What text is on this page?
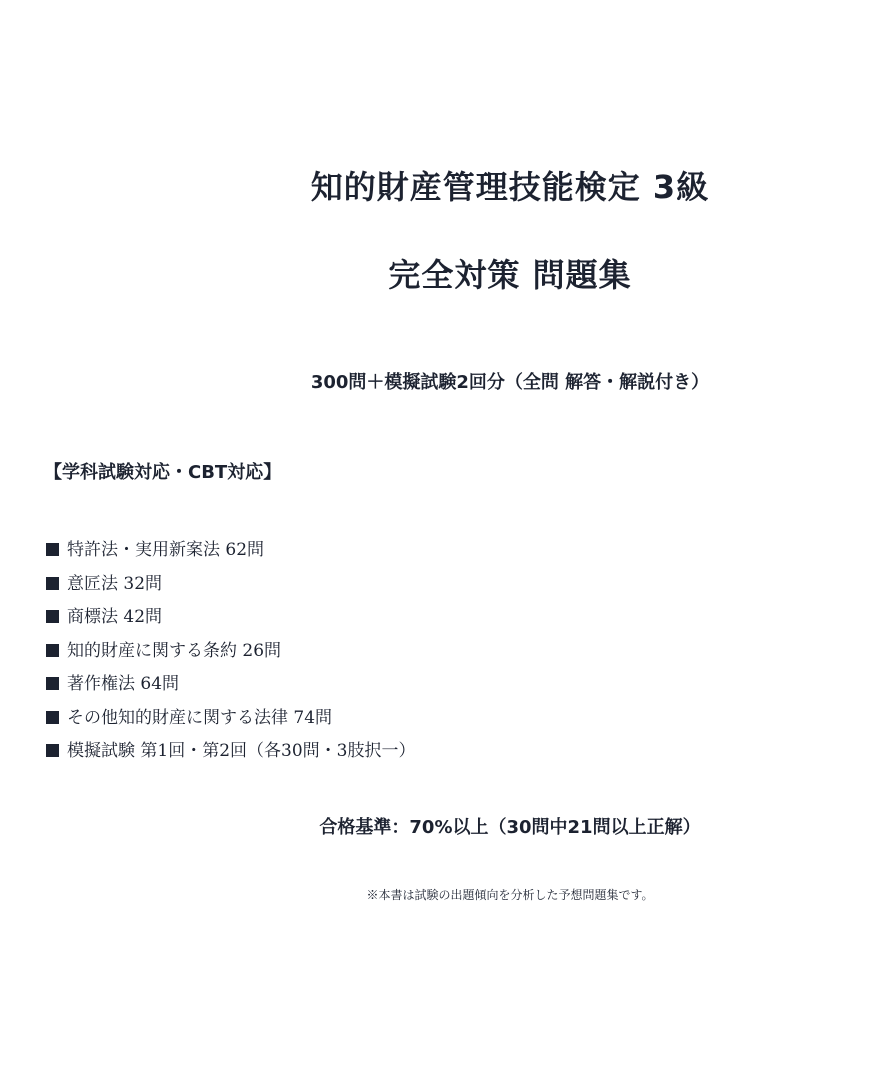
知的財産管理技能検定 3級
完全対策 問題集
300問＋模擬試験2回分（全問 解答・解説付き）
【学科試験対応・CBT対応】
特許法・実用新案法 62問
意匠法 32問
商標法 42問
知的財産に関する条約 26問
著作権法 64問
その他知的財産に関する法律 74問
模擬試験 第1回・第2回（各30問・3肢択一）
合格基準：70%以上（30問中21問以上正解）
※本書は試験の出題傾向を分析した予想問題集です。
